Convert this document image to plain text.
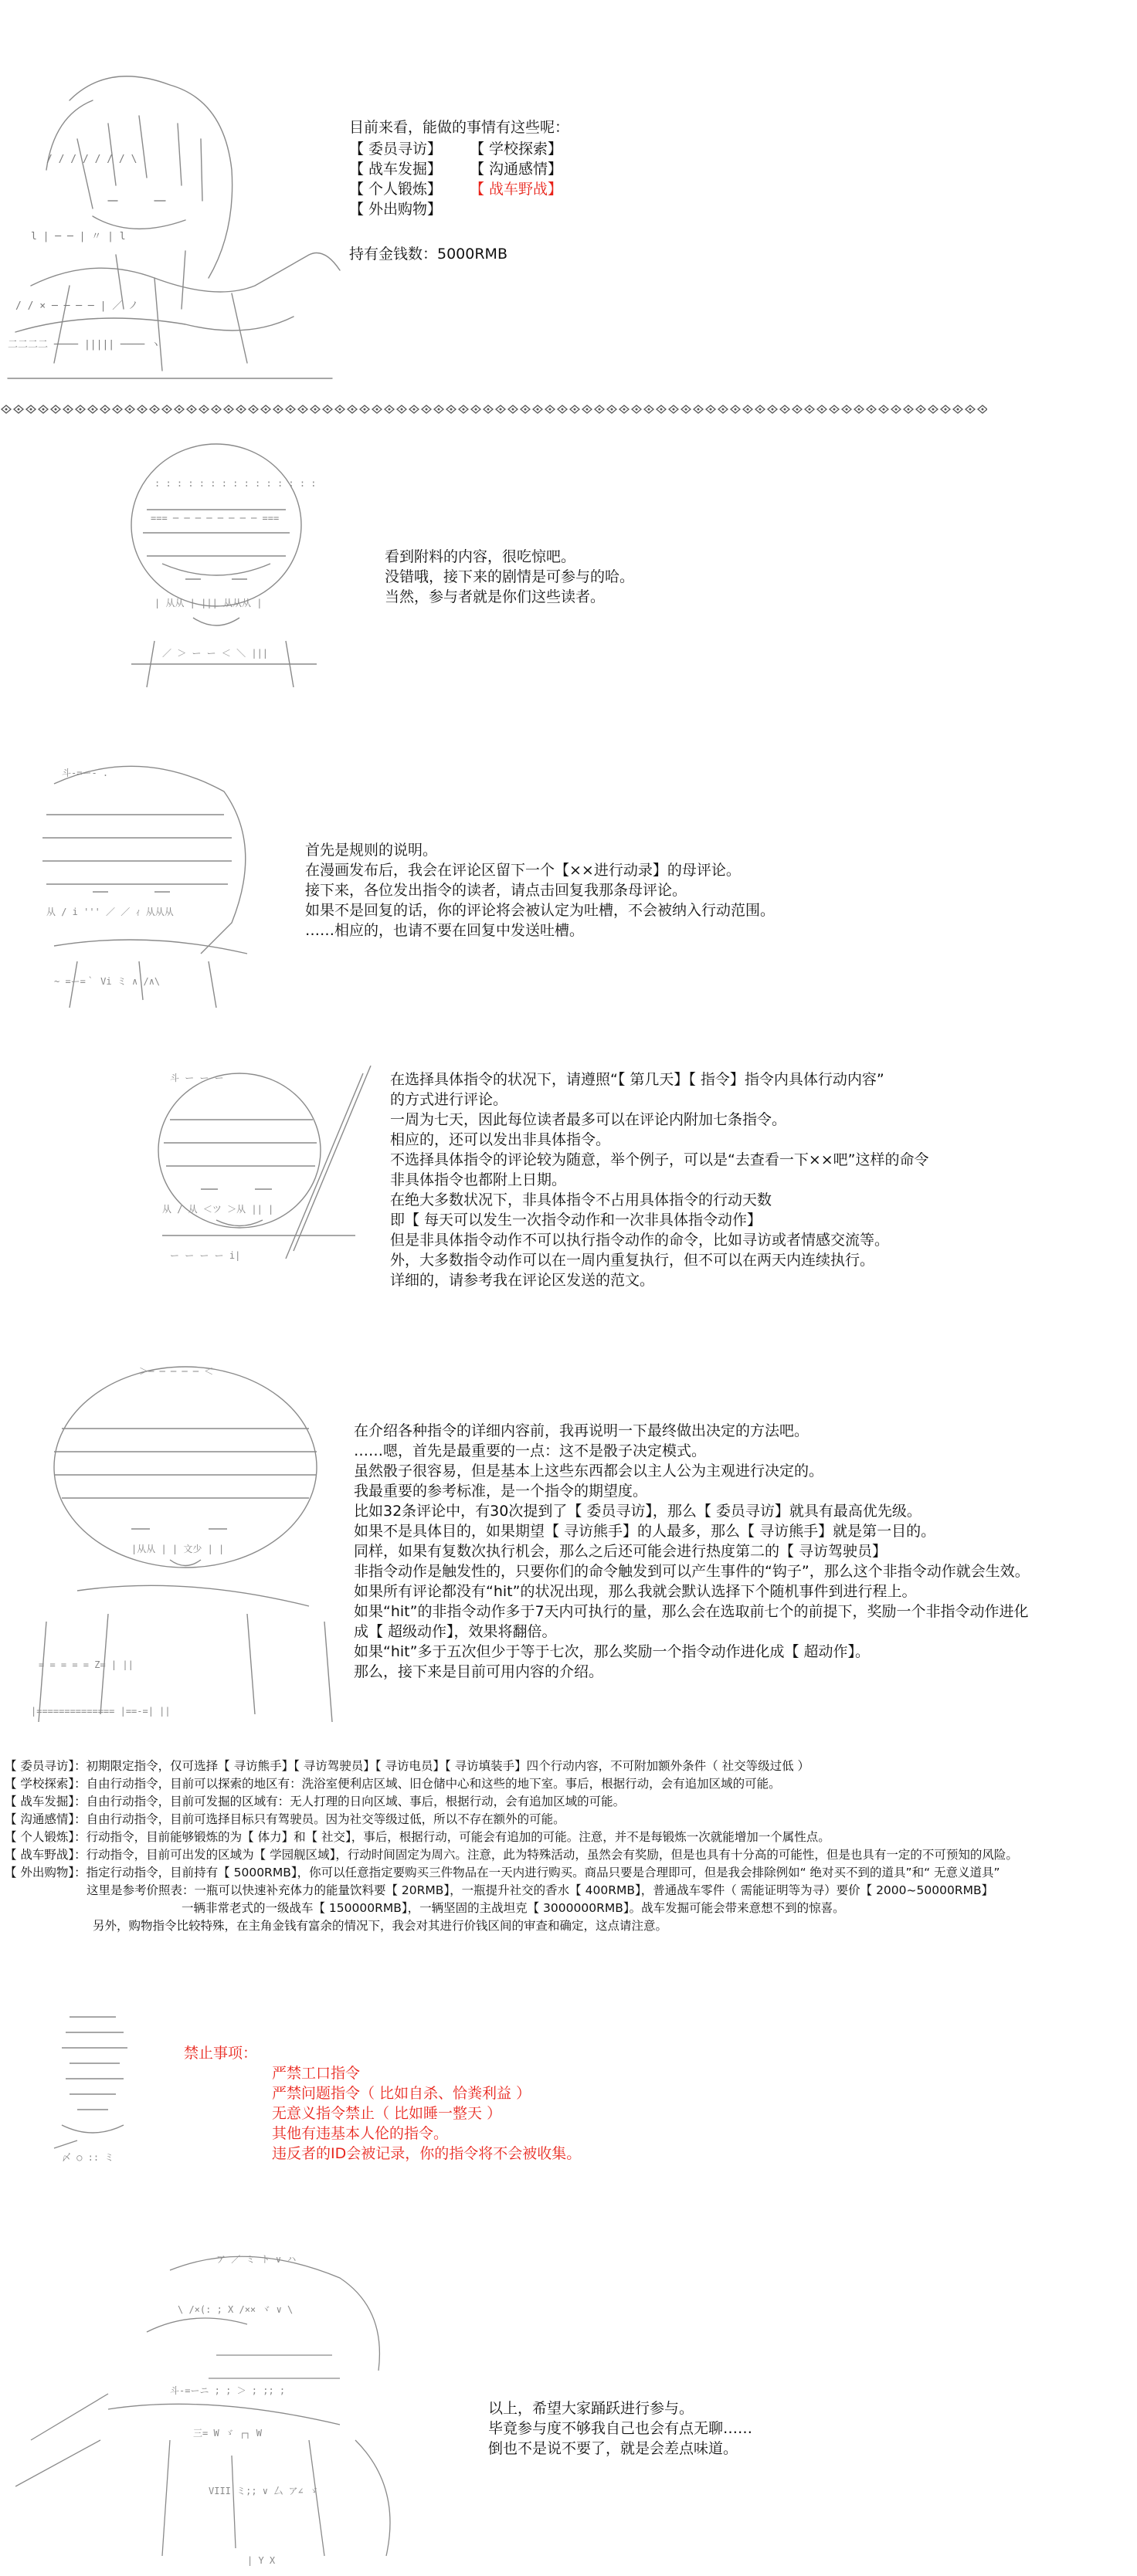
/ / / / / / / \
l | ─ ─ | 〃 | l
/ / × ─ ─ ─ ─ | ／ ノ
二二二二 ──── ||||| ──── ヽ
目前来看，能做的事情有这些呢：
【 委员寻访】 【 学校探索】
【 战车发掘】 【 沟通感情】
【 个人锻炼】 【 战车野战】
【 外出购物】
持有金钱数：5000RMB
: : : : : : : : : : : : : : :
=== ─ ─ ─ ─ ─ ─ ─ ─ ===
| 从从 | ||| 从从从 |
／ ＞ ー ー ＜ ＼ |||
看到附料的内容，很吃惊吧。
没错哦，接下来的剧情是可参与的哈。
当然，参与者就是你们这些读者。
斗-=ー- .
从 / i ''' ／ ／ ｨ 从从从
~ =ー=｀ Vi ミ ∧ /∧\
首先是规则的说明。
在漫画发布后，我会在评论区留下一个【××进行动录】的母评论。
接下来，各位发出指令的读者，请点击回复我那条母评论。
如果不是回复的话，你的评论将会被认定为吐槽，不会被纳入行动范围。
……相应的，也请不要在回复中发送吐槽。
斗 ー ー ー
从 / 从 ＜ツ ＞从 || |
ー ー ー ー i|
在选择具体指令的状况下，请遵照“【 第几天】【 指令】指令内具体行动内容”
的方式进行评论。
一周为七天，因此每位读者最多可以在评论内附加七条指令。
相应的，还可以发出非具体指令。
不选择具体指令的评论较为随意，举个例子，可以是“去查看一下××吧”这样的命令
非具体指令也都附上日期。
在绝大多数状况下，非具体指令不占用具体指令的行动天数
即【 每天可以发生一次指令动作和一次非具体指令动作】
但是非具体指令动作不可以执行指令动作的命令，比如寻访或者情感交流等。
外，大多数指令动作可以在一周内重复执行，但不可以在两天内连续执行。
详细的，请参考我在评论区发送的范文。
＞─ ─ ─ ─ ─ ＜
|从从 | | 文少 | |
= = = = = Z= | ||
|============== |==-=| ||
在介绍各种指令的详细内容前，我再说明一下最终做出决定的方法吧。
……嗯，首先是最重要的一点：这不是骰子决定模式。
虽然骰子很容易，但是基本上这些东西都会以主人公为主观进行决定的。
我最重要的参考标准，是一个指令的期望度。
比如32条评论中，有30次提到了【 委员寻访】，那么【 委员寻访】就具有最高优先级。
如果不是具体目的，如果期望【 寻访熊手】的人最多，那么【 寻访熊手】就是第一目的。
同样，如果有复数次执行机会，那么之后还可能会进行热度第二的【 寻访驾驶员】
非指令动作是触发性的，只要你们的命令触发到可以产生事件的“钩子”，那么这个非指令动作就会生效。
如果所有评论都没有“hit”的状况出现，那么我就会默认选择下个随机事件到进行程上。
如果“hit”的非指令动作多于7天内可执行的量，那么会在选取前七个的前提下，奖励一个非指令动作进化
成【 超级动作】，效果将翻倍。
如果“hit”多于五次但少于等于七次，那么奖励一个指令动作进化成【 超动作】。
那么，接下来是目前可用内容的介绍。
【 委员寻访】：初期限定指令，仅可选择【 寻访熊手】【 寻访驾驶员】【 寻访电员】【 寻访填装手】四个行动内容，不可附加额外条件（ 社交等级过低 ）
【 学校探索】：自由行动指令，目前可以探索的地区有：洗浴室便利店区域、旧仓储中心和这些的地下室。事后，根据行动，会有追加区域的可能。
【 战车发掘】：自由行动指令，目前可发掘的区域有：无人打理的日向区域、事后，根据行动，会有追加区域的可能。
【 沟通感情】：自由行动指令，目前可选择目标只有驾驶员。因为社交等级过低，所以不存在额外的可能。
【 个人锻炼】：行动指令，目前能够锻炼的为【 体力】和【 社交】，事后，根据行动，可能会有追加的可能。注意，并不是每锻炼一次就能增加一个属性点。
【 战车野战】：行动指令，目前可出发的区域为【 学园舰区域】，行动时间固定为周六。注意，此为特殊活动，虽然会有奖励，但是也具有十分高的可能性，但是也具有一定的不可预知的风险。
【 外出购物】：指定行动指令，目前持有【 5000RMB】，你可以任意指定要购买三件物品在一天内进行购买。商品只要是合理即可，但是我会排除例如“ 绝对买不到的道具”和“ 无意义道具”
这里是参考价照表：一瓶可以快速补充体力的能量饮料要【 20RMB】，一瓶提升社交的香水【 400RMB】，普通战车零件（ 需能证明等为寻）要价【 2000~50000RMB】
一辆非常老式的一级战车【 150000RMB】，一辆坚固的主战坦克【 3000000RMB】。战车发掘可能会带来意想不到的惊喜。
另外，购物指令比较特殊，在主角金钱有富余的情况下，我会对其进行价钱区间的审查和确定，这点请注意。
〆 ○ :: ミ
禁止事项：
严禁工口指令
严禁问题指令（ 比如自杀、恰粪利益 ）
无意义指令禁止（ 比如睡一整天 ）
其他有违基本人伦的指令。
违反者的ID会被记录，你的指令将不会被收集。
ア ／ ミ ト ∨ ハ
\ /×(: ; X /×× ヾ ∨ \
斗-=ーニ ; ; ＞ ; ;; ;
三= W ゞ ┌┐ W
VIII ミ;; ∨ 厶 ア∠ ゞ
| Y X
以上，希望大家踊跃进行参与。
毕竟参与度不够我自己也会有点无聊……
倒也不是说不要了，就是会差点味道。
